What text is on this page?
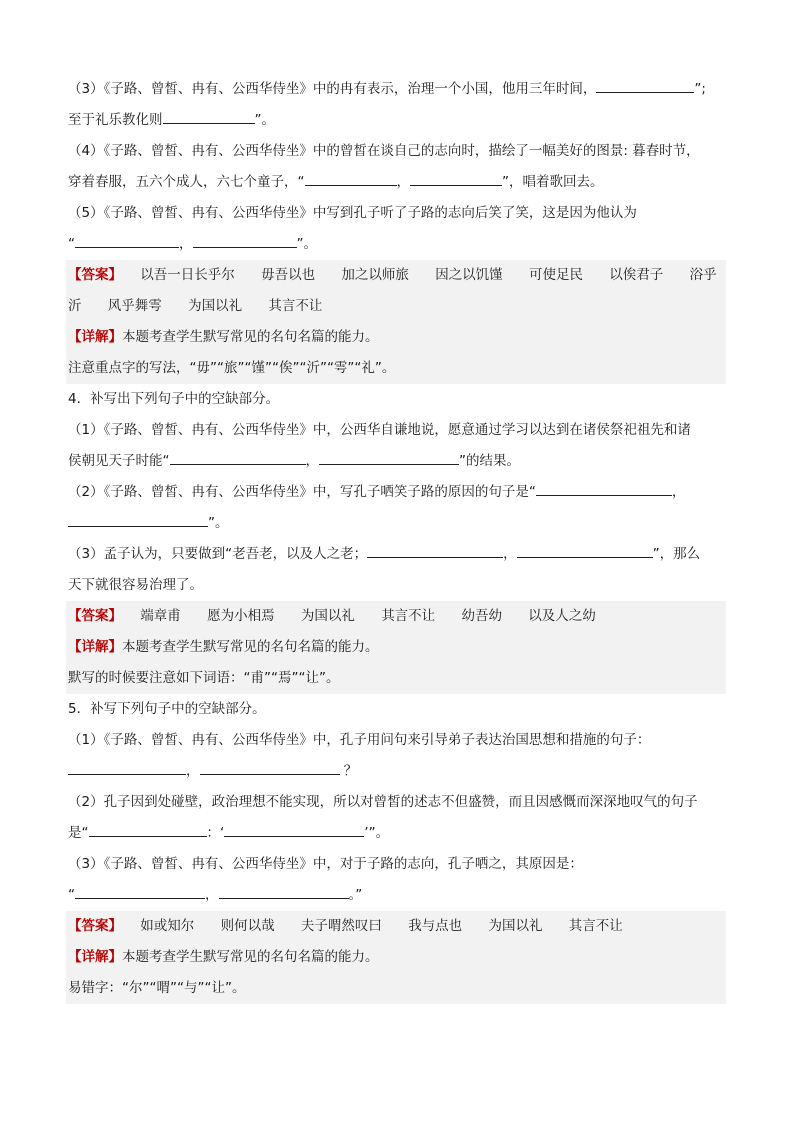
（3）《子路、曾皙、冉有、公西华侍坐》中的冉有表示，治理一个小国，他用三年时间，	”;
至于礼乐教化则	”。
（4）《子路、曾皙、冉有、公西华侍坐》中的曾皙在谈自己的志向时，描绘了一幅美好的图景: 暮春时节，
穿着春服，五六个成人，六七个童子，“	，	”，唱着歌回去。
（5）《子路、曾皙、冉有、公西华侍坐》中写到孔子听了子路的志向后笑了笑，这是因为他认为
“	，	”。
【答案】 以吾一日长乎尔 毋吾以也 加之以师旅 因之以饥馑 可使足民 以俟君子 浴乎
沂 风乎舞雩 为国以礼 其言不让
【详解】本题考查学生默写常见的名句名篇的能力。
注意重点字的写法，“毋”“旅”“馑”“俟”“沂”“雩”“礼”。
4．补写出下列句子中的空缺部分。
（1）《子路、曾皙、冉有、公西华侍坐》中，公西华自谦地说，愿意通过学习以达到在诸侯祭祀祖先和诸
侯朝见天子时能“	，	”的结果。
（2）《子路、曾皙、冉有、公西华侍坐》中，写孔子哂笑子路的原因的句子是“	，
”。
（3）孟子认为，只要做到“老吾老，以及人之老；	，	”，那么
天下就很容易治理了。
【答案】 端章甫 愿为小相焉 为国以礼 其言不让 幼吾幼 以及人之幼
【详解】本题考查学生默写常见的名句名篇的能力。
默写的时候要注意如下词语：“甫”“焉”“让”。
5．补写下列句子中的空缺部分。
（1）《子路、曾皙、冉有、公西华侍坐》中，孔子用问句来引导弟子表达治国思想和措施的句子：
，	？
（2）孔子因到处碰壁，政治理想不能实现，所以对曾皙的述志不但盛赞，而且因感慨而深深地叹气的句子
是“	：‘	’”。
（3）《子路、曾皙、冉有、公西华侍坐》中，对于子路的志向，孔子哂之，其原因是：
“	，	。”
【答案】 如或知尔 则何以哉 夫子喟然叹曰 我与点也 为国以礼 其言不让
【详解】本题考查学生默写常见的名句名篇的能力。
易错字：“尔”“喟”“与”“让”。
